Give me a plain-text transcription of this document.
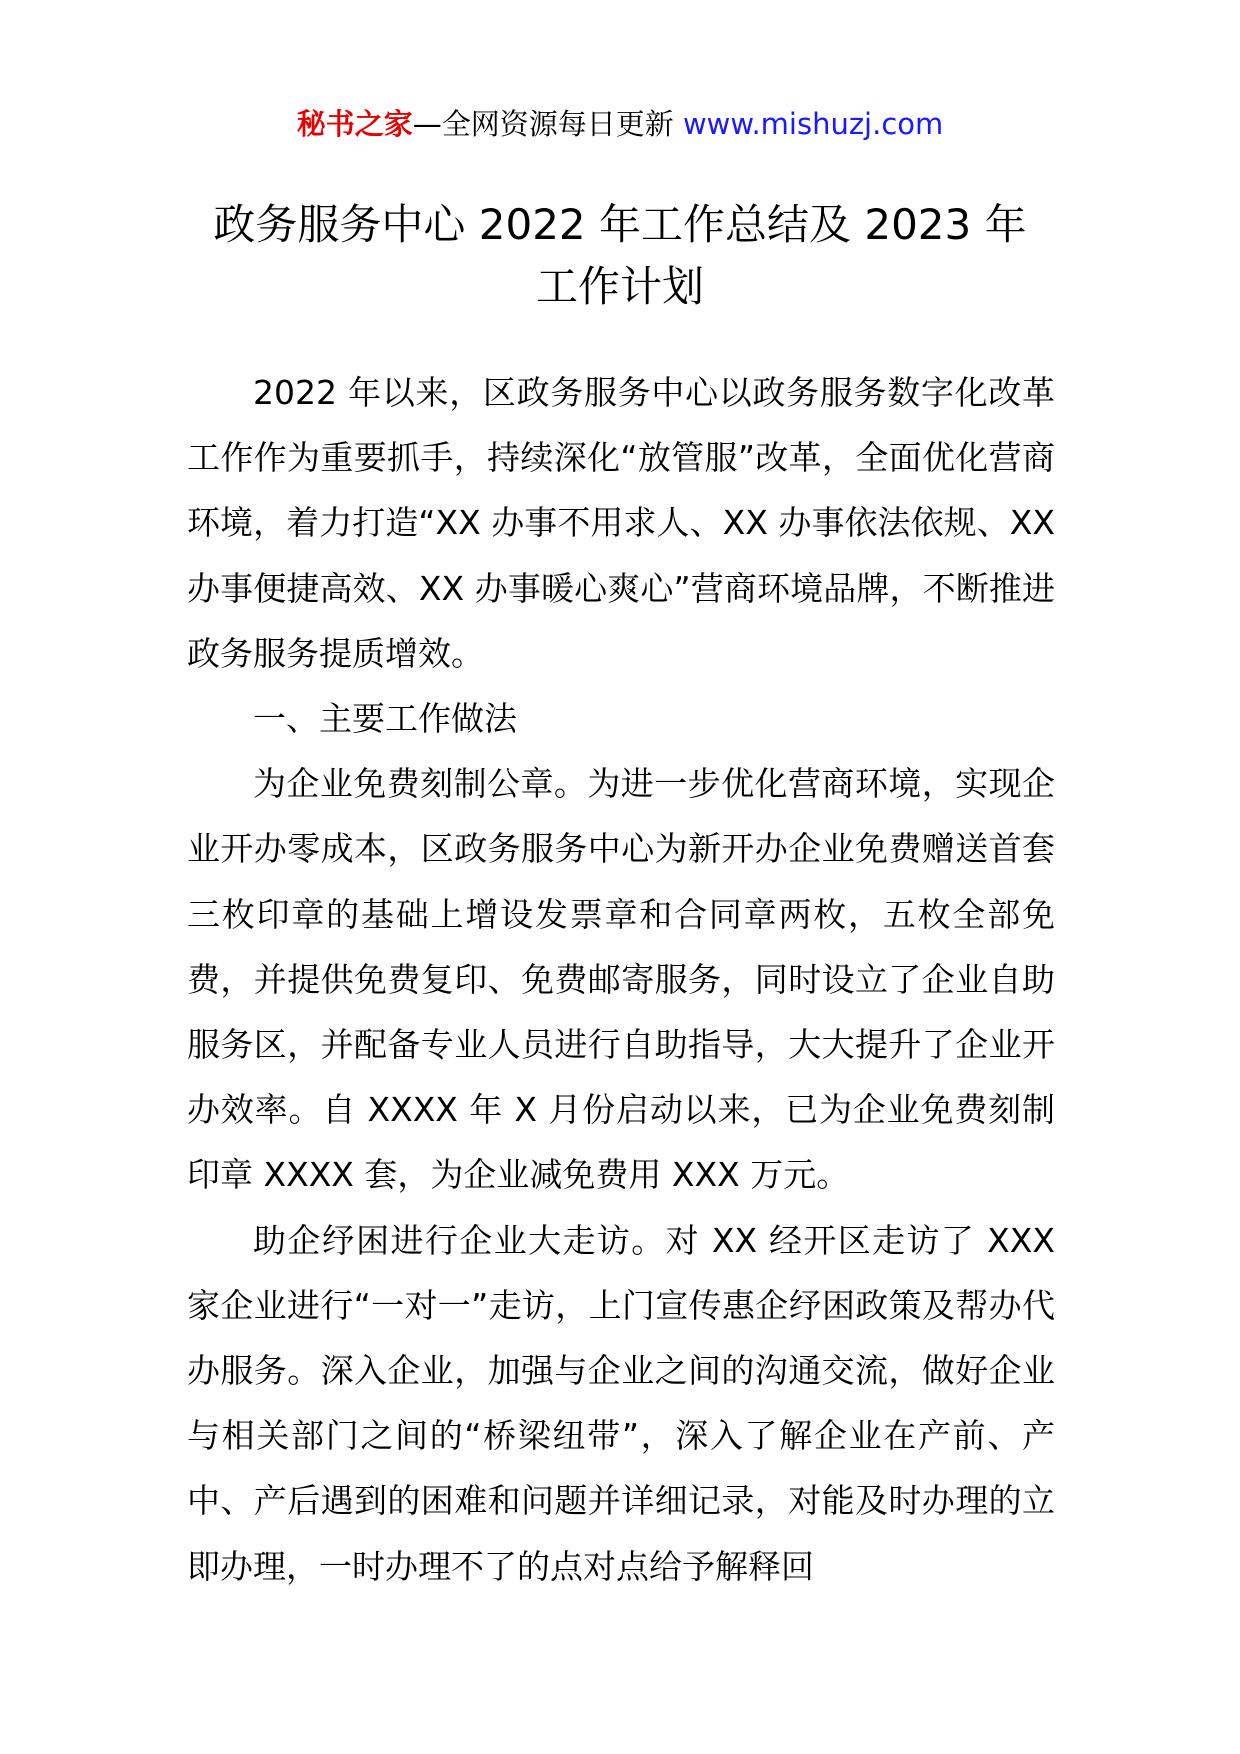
秘书之家—全网资源每日更新 www.mishuzj.com
政务服务中心 2022 年工作总结及 2023 年
工作计划

2022 年以来，区政务服务中心以政务服务数字化改革工作作为重要抓手，持续深化“放管服”改革，全面优化营商环境，着力打造“XX 办事不用求人、XX 办事依法依规、XX 办事便捷高效、XX 办事暖心爽心”营商环境品牌，不断推进政务服务提质增效。

一、主要工作做法

为企业免费刻制公章。为进一步优化营商环境，实现企业开办零成本，区政务服务中心为新开办企业免费赠送首套三枚印章的基础上增设发票章和合同章两枚，五枚全部免费，并提供免费复印、免费邮寄服务，同时设立了企业自助服务区，并配备专业人员进行自助指导，大大提升了企业开办效率。自 XXXX 年 X 月份启动以来，已为企业免费刻制印章 XXXX 套，为企业减免费用 XXX 万元。

助企纾困进行企业大走访。对 XX 经开区走访了 XXX 家企业进行“一对一”走访，上门宣传惠企纾困政策及帮办代办服务。深入企业，加强与企业之间的沟通交流，做好企业与相关部门之间的“桥梁纽带”，深入了解企业在产前、产中、产后遇到的困难和问题并详细记录，对能及时办理的立即办理，一时办理不了的点对点给予解释回
